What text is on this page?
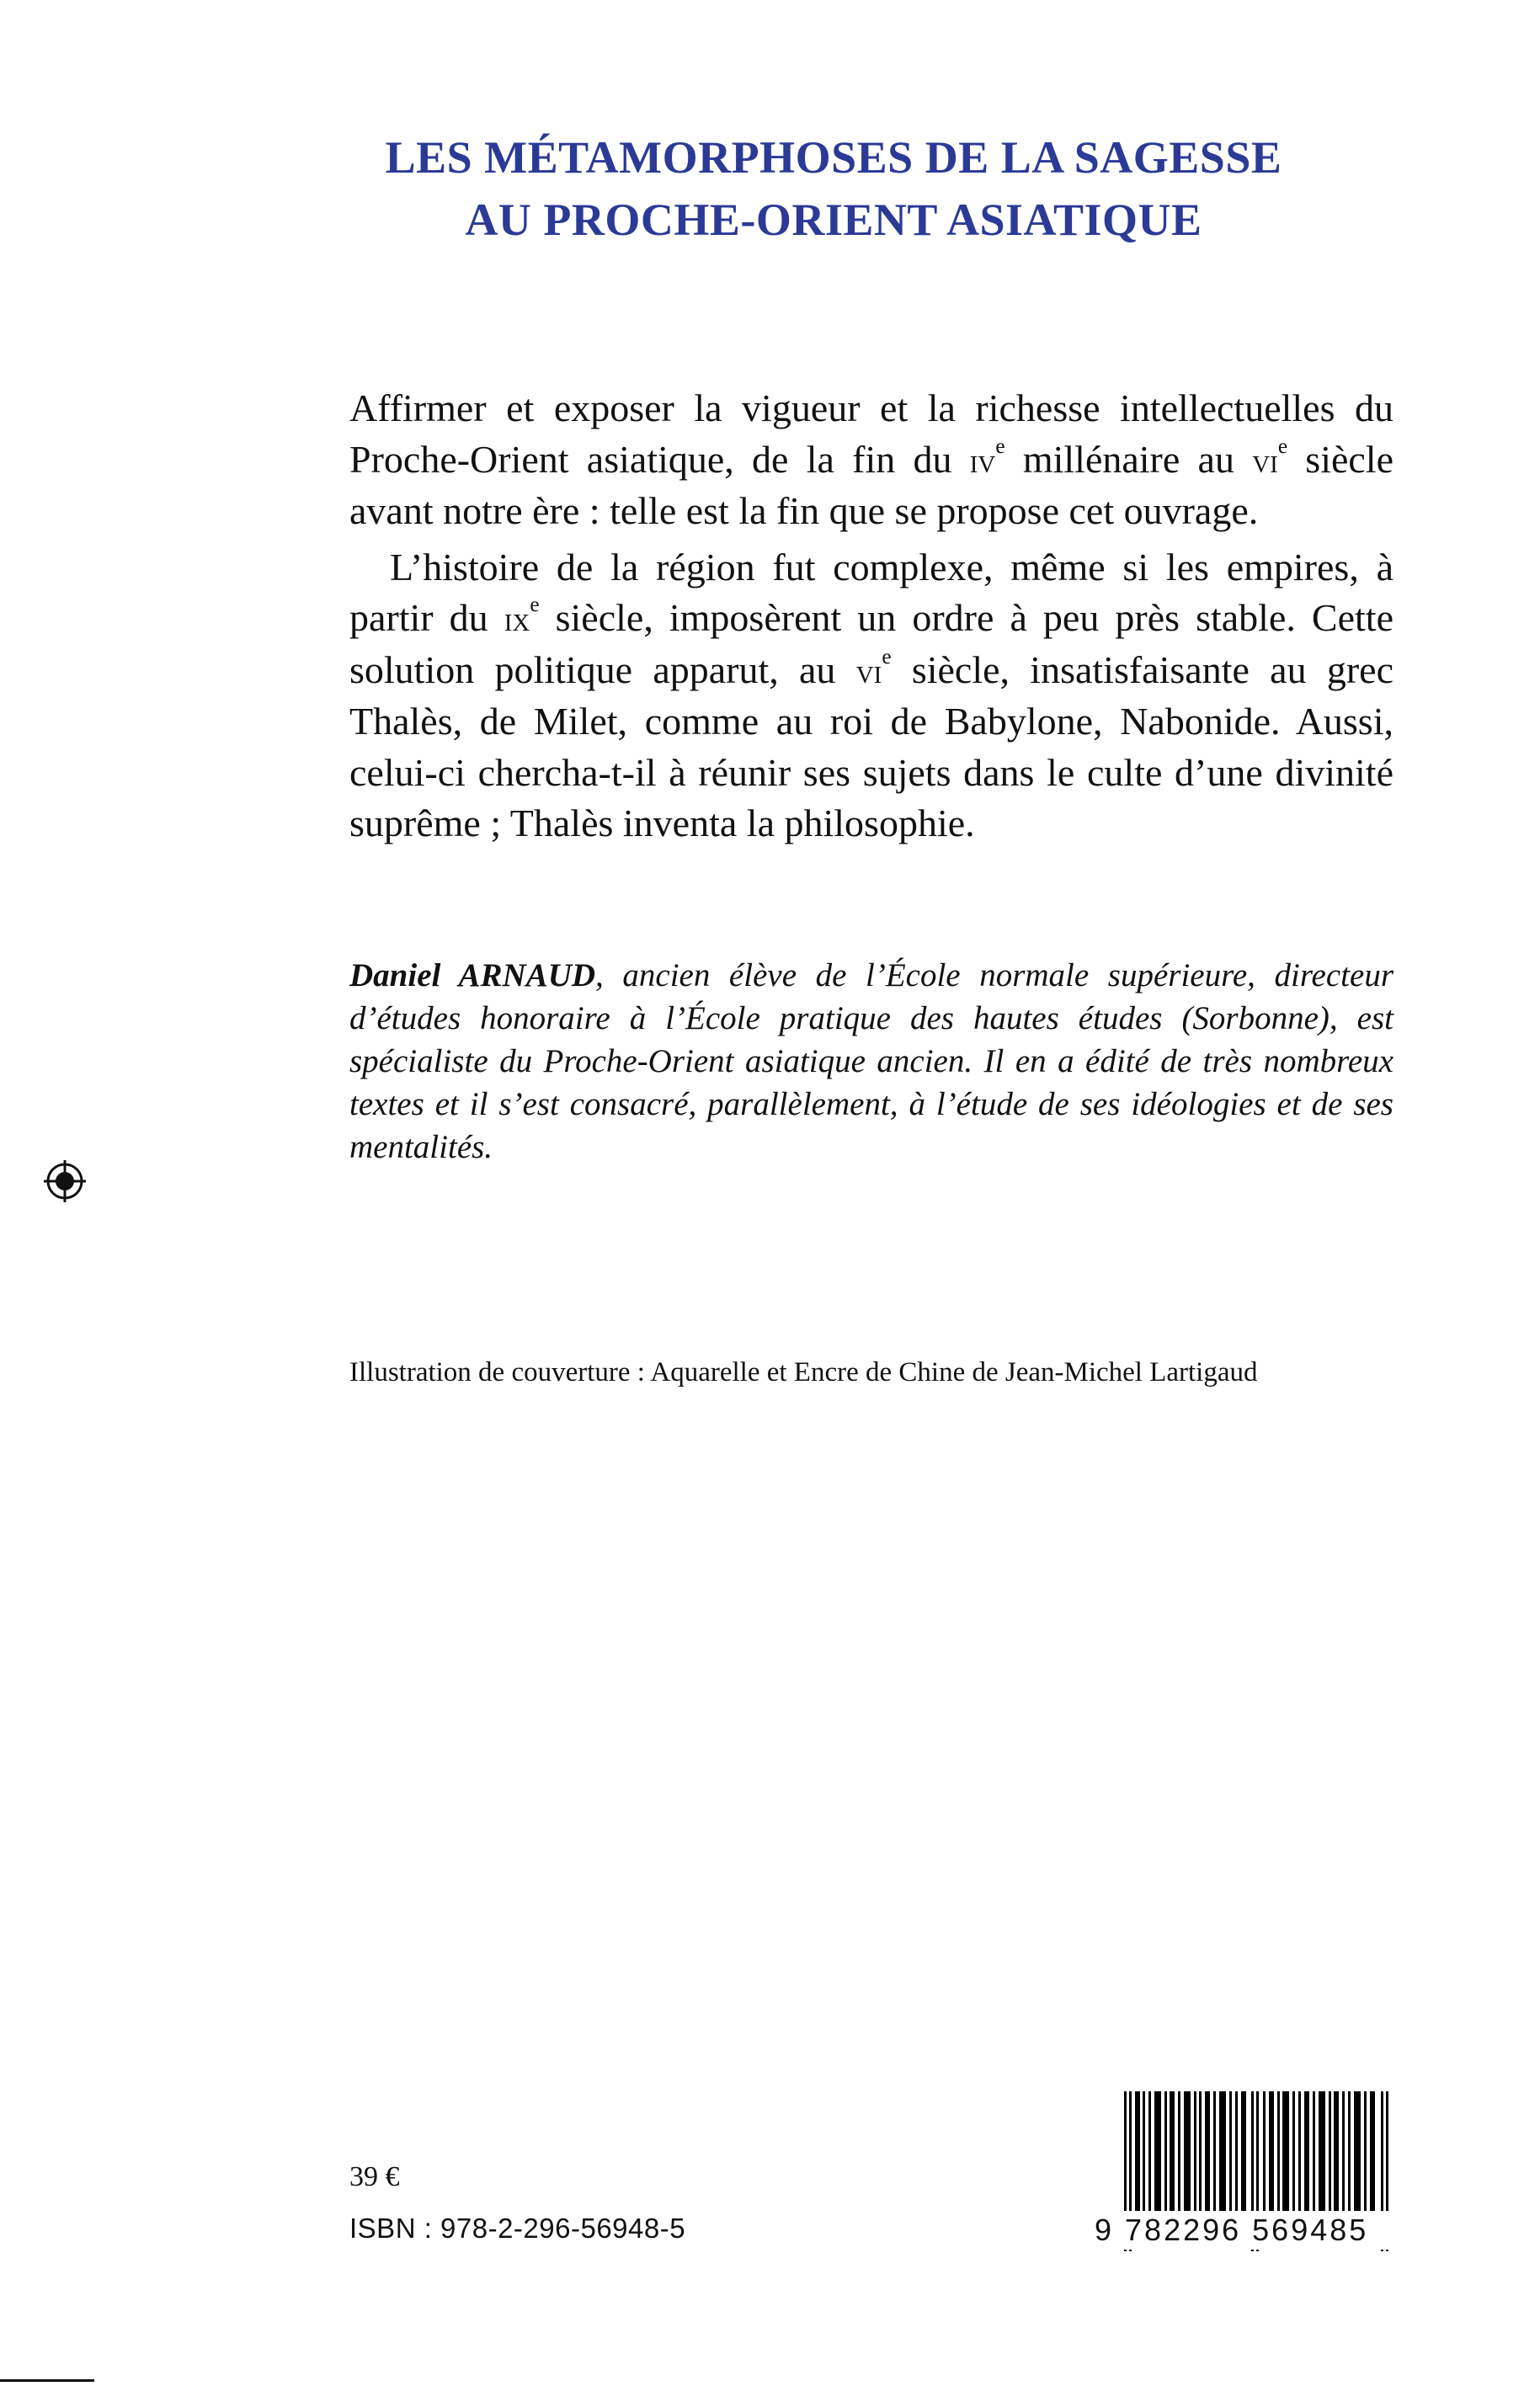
LES MÉTAMORPHOSES DE LA SAGESSE
AU PROCHE-ORIENT ASIATIQUE

Affirmer et exposer la vigueur et la richesse intellectuelles du Proche-Orient asiatique, de la fin du $iv^e$ millénaire au $vi^e$ siècle avant notre ère : telle est la fin que se propose cet ouvrage.

L’histoire de la région fut complexe, même si les empires, à partir du $ix^e$ siècle, imposèrent un ordre à peu près stable. Cette solution politique apparut, au $vi^e$ siècle, insatisfaisante au grec Thalès, de Milet, comme au roi de Babylone, Nabonide. Aussi, celui-ci chercha-t-il à réunir ses sujets dans le culte d’une divinité suprême ; Thalès inventa la philosophie.

Daniel ARNAUD, ancien élève de l’École normale supérieure, directeur d’études honoraire à l’École pratique des hautes études (Sorbonne), est spécialiste du Proche-Orient asiatique ancien. Il en a édité de très nombreux textes et il s’est consacré, parallèlement, à l’étude de ses idéologies et de ses mentalités.
Illustration de couverture : Aquarelle et Encre de Chine de Jean-Michel Lartigaud
39 €
ISBN : 978-2-296-56948-5	9 782296 569485
